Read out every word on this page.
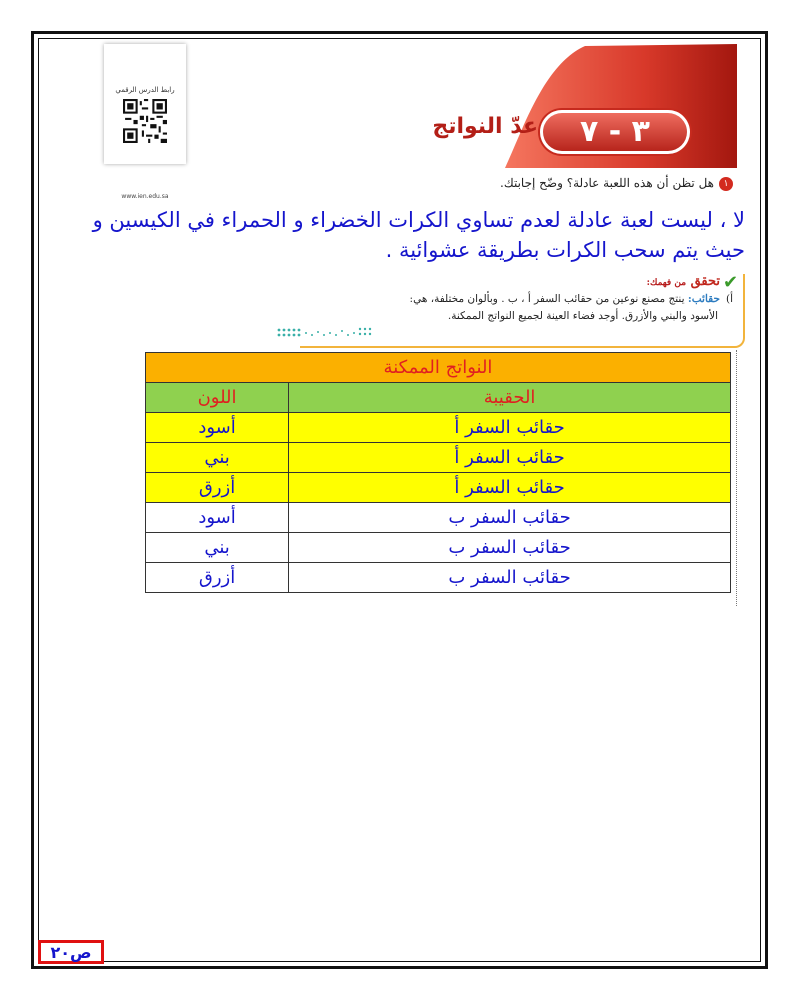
رابط الدرس الرقمي
www.ien.edu.sa
٣ - ٧
عدّ النواتج
١هل تظن أن هذه اللعبة عادلة؟ وضّح إجابتك.
لا ، ليست لعبة عادلة لعدم تساوي الكرات الخضراء و الحمراء في الكيسين و حيث يتم سحب الكرات بطريقة عشوائية .
✔
تحقق من فهمك:
أ)حقائب: ينتج مصنع نوعين من حقائب السفر أ ، ب . وبألوان مختلفة، هي:
الأسود والبني والأزرق. أوجد فضاء العينة لجميع النواتج الممكنة.
النواتج الممكنة	
اللون	الحقيبة
أسود	حقائب السفر أ
بني	حقائب السفر أ
أزرق	حقائب السفر أ
أسود	حقائب السفر ب
بني	حقائب السفر ب
أزرق	حقائب السفر ب
ص٢٠
